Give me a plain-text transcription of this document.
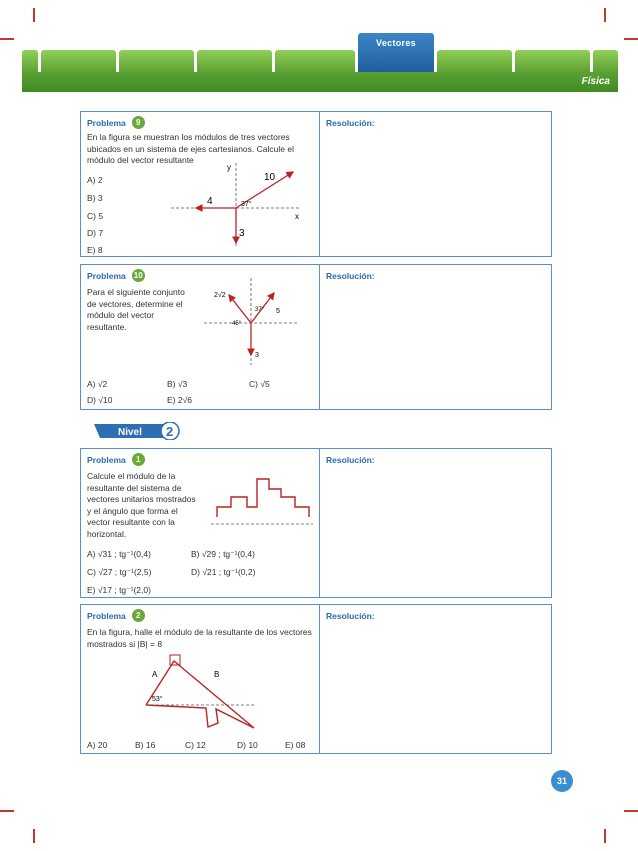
Vectores
Física
Problema	9	Resolución:
En la figura se muestran los módulos de tres vectores ubicados en un sistema de ejes cartesianos. Calcule el módulo del vector resultante
A) 2
B) 3
C) 5
D) 7
E) 8
y
x
10
4
3
37°
Problema 10	Resolución:
Para el siguiente conjunto de vectores, determine el módulo del vector resultante.
A) √2	B) √3	C) √5
D) √10	E) 2√6
2√2
5
3
37°
45°
Nivel 2
Problema	1	Resolución:
Calcule el módulo de la resultante del sistema de vectores unitarios mostrados y el ángulo que forma el vector resultante con la horizontal.
A) √31 ; tg⁻¹(0,4)	B) √29 ; tg⁻¹(0,4)
C) √27 ; tg⁻¹(2,5)	D) √21 ; tg⁻¹(0,2)
E) √17 ; tg⁻¹(2,0)
Problema	2	Resolución:
En la figura, halle el módulo de la resultante de los vectores mostrados si |B| = 8
A) 20	B) 16	C) 12	D) 10	E) 08
A	B
53°
31
